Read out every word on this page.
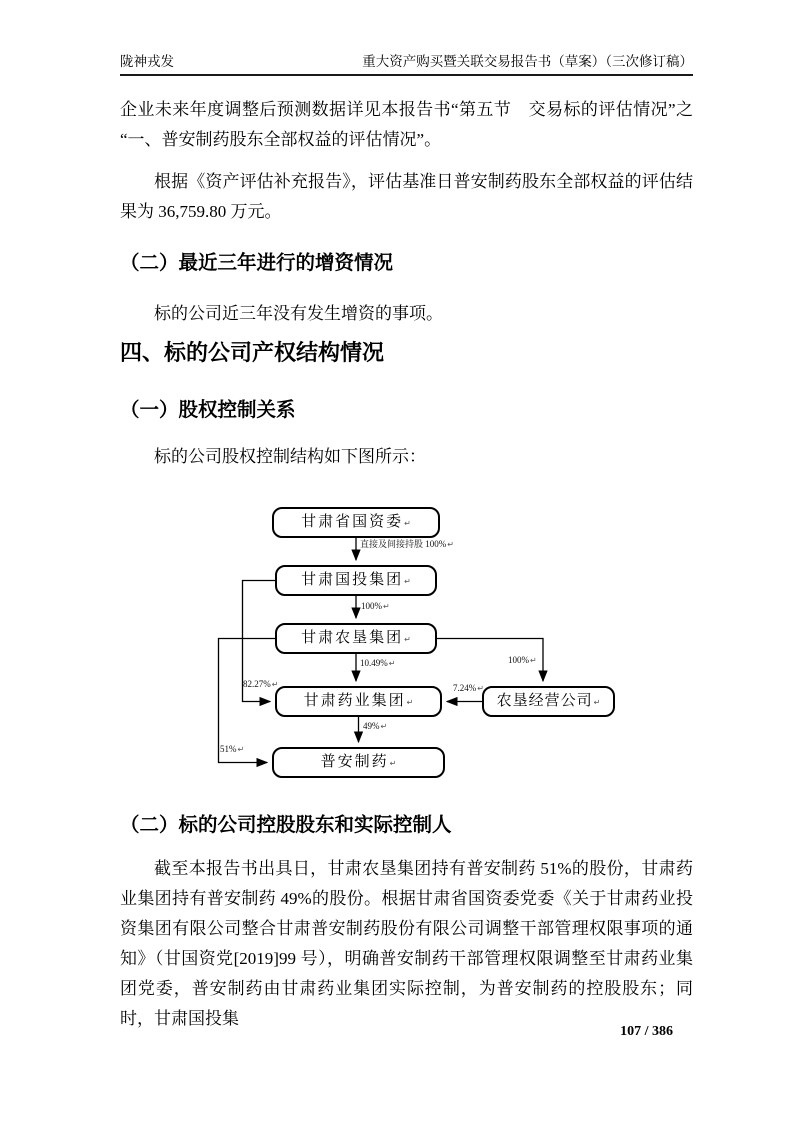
陇神戎发	重大资产购买暨关联交易报告书（草案）（三次修订稿）

企业未来年度调整后预测数据详见本报告书“第五节　交易标的评估情况”之“一、普安制药股东全部权益的评估情况”。

根据《资产评估补充报告》，评估基准日普安制药股东全部权益的评估结果为 36,759.80 万元。

（二）最近三年进行的增资情况

标的公司近三年没有发生增资的事项。

四、标的公司产权结构情况
（一）股权控制关系

标的公司股权控制结构如下图所示：

甘肃省国资委↵
甘肃国投集团↵
甘肃农垦集团↵
甘肃药业集团↵	农垦经营公司↵
普安制药↵
直接及间接持股 100%↵
100%↵
10.49%↵
82.27%↵
100%↵
7.24%↵
49%↵
51%↵
（二）标的公司控股股东和实际控制人

截至本报告书出具日，甘肃农垦集团持有普安制药 51%的股份，甘肃药业集团持有普安制药 49%的股份。根据甘肃省国资委党委《关于甘肃药业投资集团有限公司整合甘肃普安制药股份有限公司调整干部管理权限事项的通知》（甘国资党[2019]99 号），明确普安制药干部管理权限调整至甘肃药业集团党委，普安制药由甘肃药业集团实际控制，为普安制药的控股股东；同时，甘肃国投集

107 / 386
